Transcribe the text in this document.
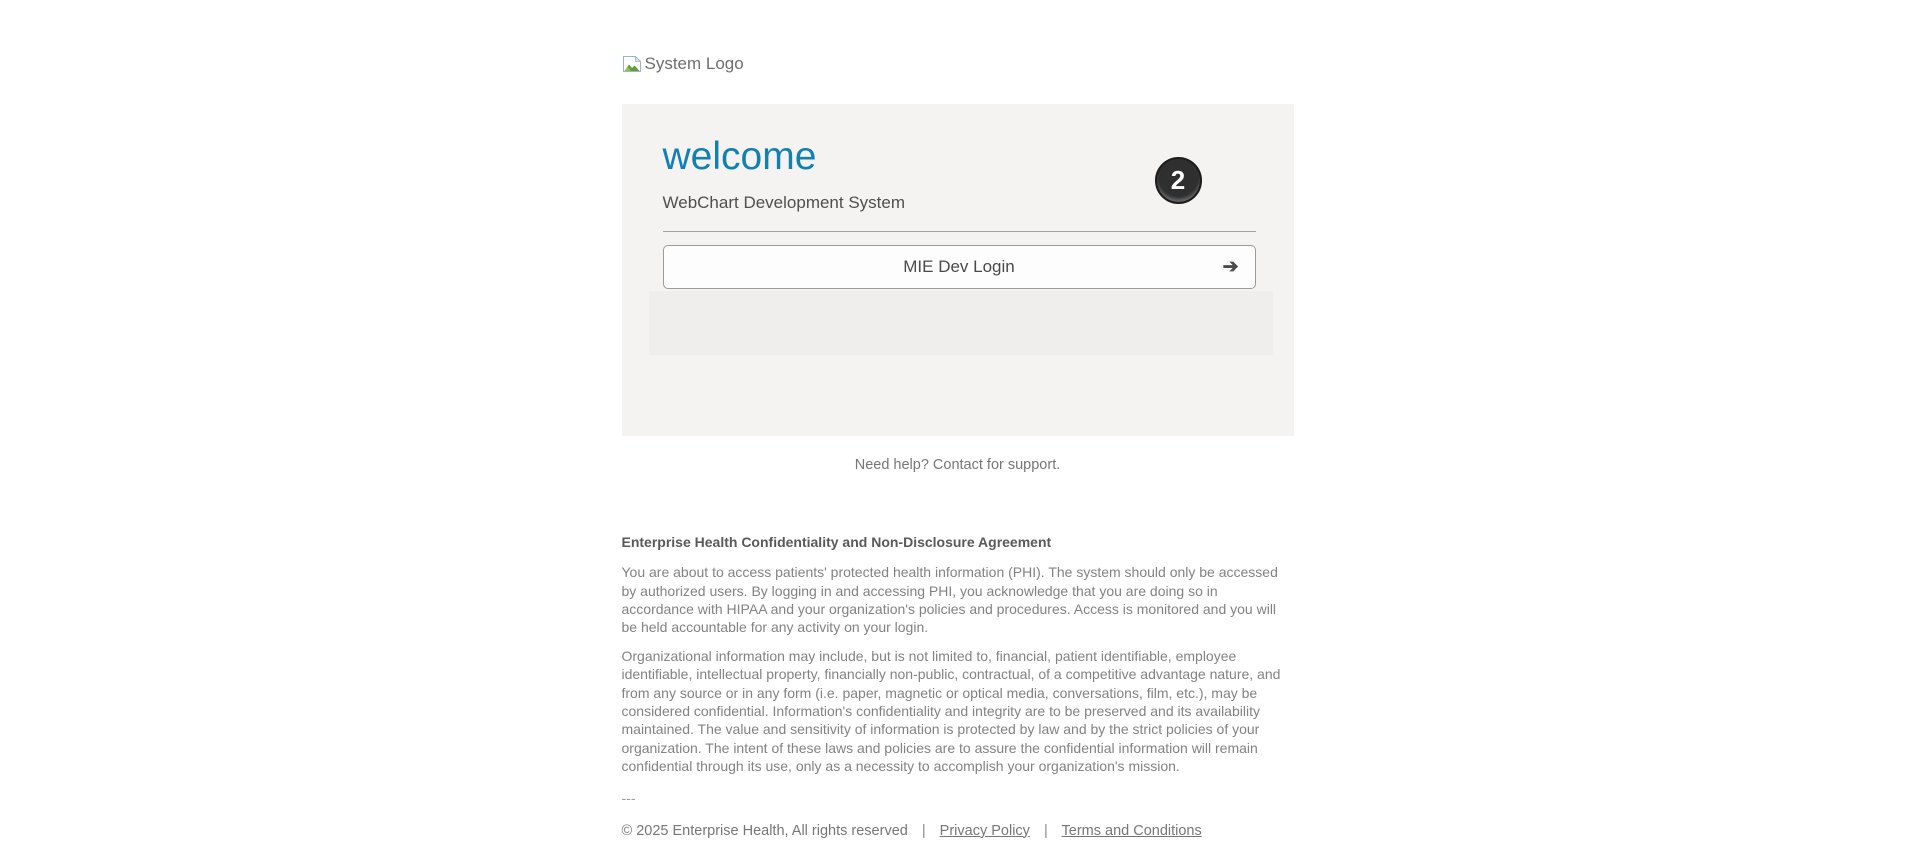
System Logo
welcome
WebChart Development System
MIE Dev Login	➔
2
Need help? Contact for support.
Enterprise Health Confidentiality and Non-Disclosure Agreement

You are about to access patients' protected health information (PHI). The system should only be accessed by authorized users. By logging in and accessing PHI, you acknowledge that you are doing so in accordance with HIPAA and your organization's policies and procedures. Access is monitored and you will be held accountable for any activity on your login.

Organizational information may include, but is not limited to, financial, patient identifiable, employee identifiable, intellectual property, financially non-public, contractual, of a competitive advantage nature, and from any source or in any form (i.e. paper, magnetic or optical media, conversations, film, etc.), may be considered confidential. Information's confidentiality and integrity are to be preserved and its availability maintained. The value and sensitivity of information is protected by law and by the strict policies of your organization. The intent of these laws and policies are to assure the confidential information will remain confidential through its use, only as a necessity to accomplish your organization's mission.

---
© 2025 Enterprise Health, All rights reserved | Privacy Policy | Terms and Conditions
